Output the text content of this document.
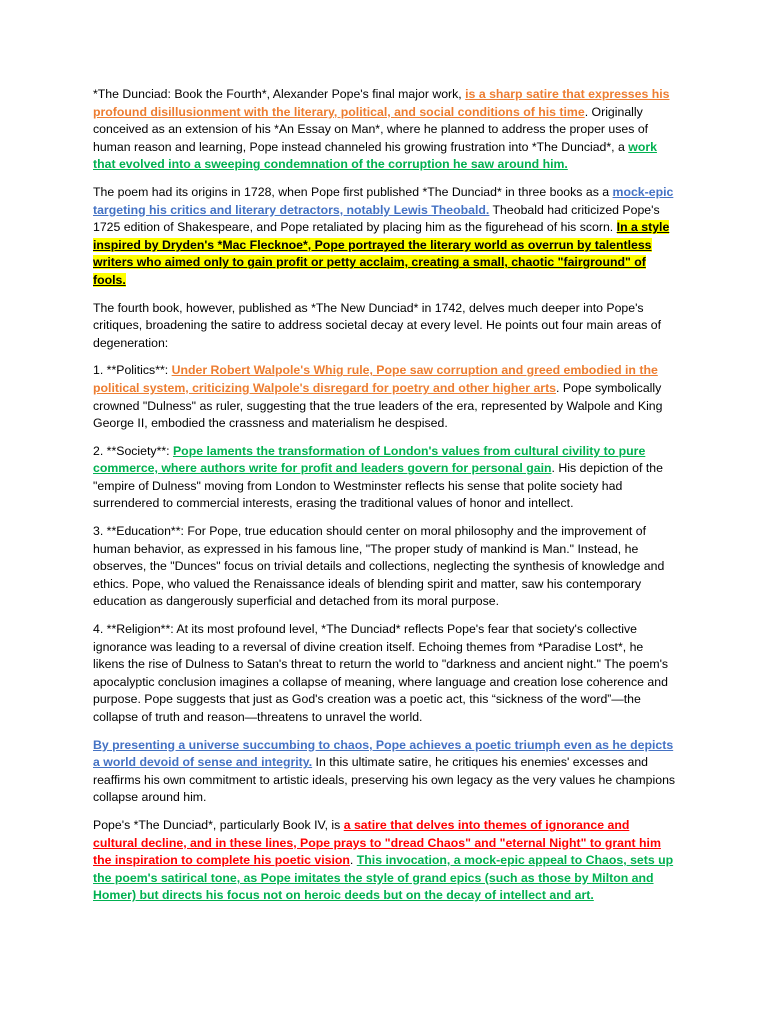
*The Dunciad: Book the Fourth*, Alexander Pope's final major work, is a sharp satire that expresses his profound disillusionment with the literary, political, and social conditions of his time. Originally conceived as an extension of his *An Essay on Man*, where he planned to address the proper uses of human reason and learning, Pope instead channeled his growing frustration into *The Dunciad*, a work that evolved into a sweeping condemnation of the corruption he saw around him.

The poem had its origins in 1728, when Pope first published *The Dunciad* in three books as a mock-epic targeting his critics and literary detractors, notably Lewis Theobald. Theobald had criticized Pope's 1725 edition of Shakespeare, and Pope retaliated by placing him as the figurehead of his scorn. In a style inspired by Dryden's *Mac Flecknoe*, Pope portrayed the literary world as overrun by talentless writers who aimed only to gain profit or petty acclaim, creating a small, chaotic "fairground" of fools.

The fourth book, however, published as *The New Dunciad* in 1742, delves much deeper into Pope's critiques, broadening the satire to address societal decay at every level. He points out four main areas of degeneration:

1. **Politics**: Under Robert Walpole's Whig rule, Pope saw corruption and greed embodied in the political system, criticizing Walpole's disregard for poetry and other higher arts. Pope symbolically crowned "Dulness" as ruler, suggesting that the true leaders of the era, represented by Walpole and King George II, embodied the crassness and materialism he despised.

2. **Society**: Pope laments the transformation of London's values from cultural civility to pure commerce, where authors write for profit and leaders govern for personal gain. His depiction of the "empire of Dulness" moving from London to Westminster reflects his sense that polite society had surrendered to commercial interests, erasing the traditional values of honor and intellect.

3. **Education**: For Pope, true education should center on moral philosophy and the improvement of human behavior, as expressed in his famous line, "The proper study of mankind is Man." Instead, he observes, the "Dunces" focus on trivial details and collections, neglecting the synthesis of knowledge and ethics. Pope, who valued the Renaissance ideals of blending spirit and matter, saw his contemporary education as dangerously superficial and detached from its moral purpose.

4. **Religion**: At its most profound level, *The Dunciad* reflects Pope's fear that society's collective ignorance was leading to a reversal of divine creation itself. Echoing themes from *Paradise Lost*, he likens the rise of Dulness to Satan's threat to return the world to "darkness and ancient night." The poem's apocalyptic conclusion imagines a collapse of meaning, where language and creation lose coherence and purpose. Pope suggests that just as God's creation was a poetic act, this “sickness of the word”—the collapse of truth and reason—threatens to unravel the world.

By presenting a universe succumbing to chaos, Pope achieves a poetic triumph even as he depicts a world devoid of sense and integrity. In this ultimate satire, he critiques his enemies' excesses and reaffirms his own commitment to artistic ideals, preserving his own legacy as the very values he champions collapse around him.

Pope's *The Dunciad*, particularly Book IV, is a satire that delves into themes of ignorance and cultural decline, and in these lines, Pope prays to "dread Chaos" and "eternal Night" to grant him the inspiration to complete his poetic vision. This invocation, a mock-epic appeal to Chaos, sets up the poem's satirical tone, as Pope imitates the style of grand epics (such as those by Milton and Homer) but directs his focus not on heroic deeds but on the decay of intellect and art.
